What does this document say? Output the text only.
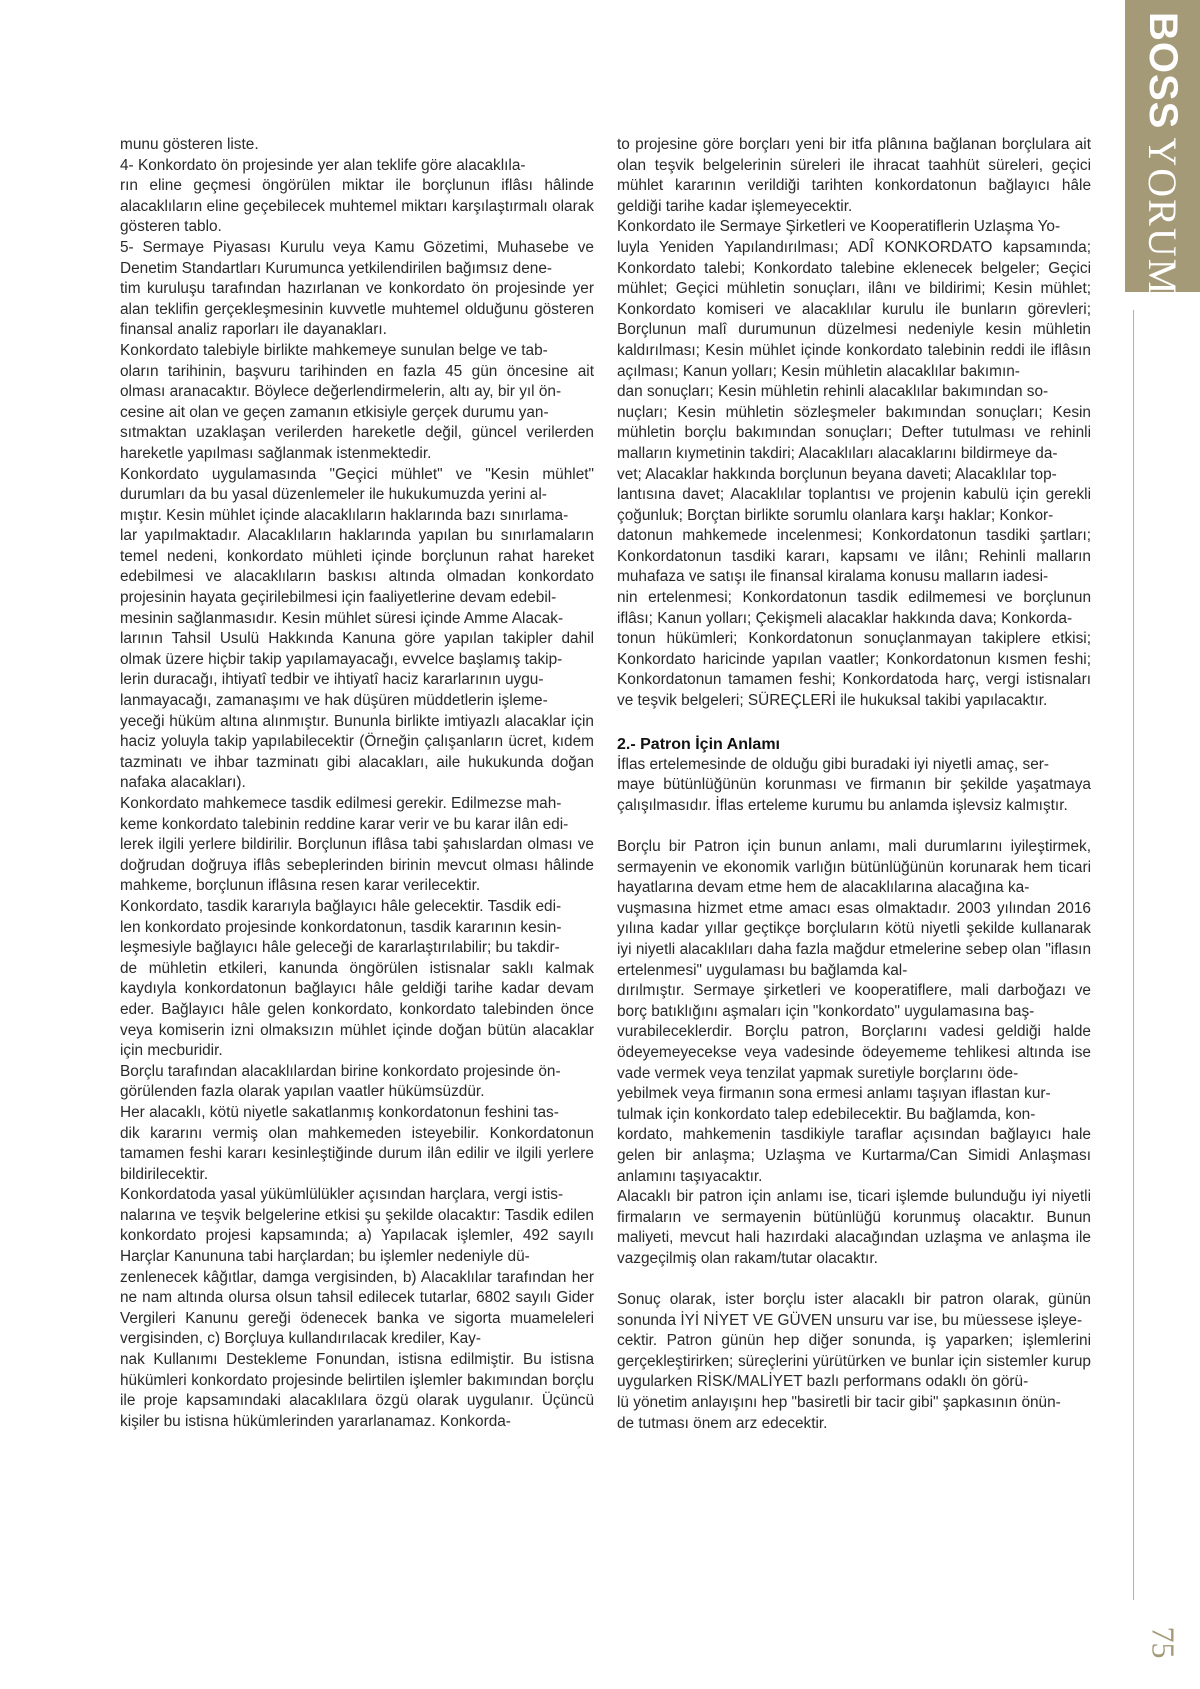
munu gösteren liste.

4- Konkordato ön projesinde yer alan teklife göre alacaklıla-
rın eline geçmesi öngörülen miktar ile borçlunun iflâsı hâlinde alacaklıların eline geçebilecek muhtemel miktarı karşılaştırmalı olarak gösteren tablo.

5- Sermaye Piyasası Kurulu veya Kamu Gözetimi, Muhasebe ve Denetim Standartları Kurumunca yetkilendirilen bağımsız dene-
tim kuruluşu tarafından hazırlanan ve konkordato ön projesinde yer alan teklifin gerçekleşmesinin kuvvetle muhtemel olduğunu gösteren finansal analiz raporları ile dayanakları.

Konkordato talebiyle birlikte mahkemeye sunulan belge ve tab-
oların tarihinin, başvuru tarihinden en fazla 45 gün öncesine ait olması aranacaktır. Böylece değerlendirmelerin, altı ay, bir yıl ön-
cesine ait olan ve geçen zamanın etkisiyle gerçek durumu yan-
sıtmaktan uzaklaşan verilerden hareketle değil, güncel verilerden hareketle yapılması sağlanmak istenmektedir.

Konkordato uygulamasında "Geçici mühlet" ve "Kesin mühlet" durumları da bu yasal düzenlemeler ile hukukumuzda yerini al-
mıştır. Kesin mühlet içinde alacaklıların haklarında bazı sınırlama-
lar yapılmaktadır. Alacaklıların haklarında yapılan bu sınırlamaların temel nedeni, konkordato mühleti içinde borçlunun rahat hareket edebilmesi ve alacaklıların baskısı altında olmadan konkordato projesinin hayata geçirilebilmesi için faaliyetlerine devam edebil-
mesinin sağlanmasıdır. Kesin mühlet süresi içinde Amme Alacak-
larının Tahsil Usulü Hakkında Kanuna göre yapılan takipler dahil olmak üzere hiçbir takip yapılamayacağı, evvelce başlamış takip-
lerin duracağı, ihtiyatî tedbir ve ihtiyatî haciz kararlarının uygu-
lanmayacağı, zamanaşımı ve hak düşüren müddetlerin işleme-
yeceği hüküm altına alınmıştır. Bununla birlikte imtiyazlı alacaklar için haciz yoluyla takip yapılabilecektir (Örneğin çalışanların ücret, kıdem tazminatı ve ihbar tazminatı gibi alacakları, aile hukukunda doğan nafaka alacakları).

Konkordato mahkemece tasdik edilmesi gerekir. Edilmezse mah-
keme konkordato talebinin reddine karar verir ve bu karar ilân edi-
lerek ilgili yerlere bildirilir. Borçlunun iflâsa tabi şahıslardan olması ve doğrudan doğruya iflâs sebeplerinden birinin mevcut olması hâlinde mahkeme, borçlunun iflâsına resen karar verilecektir.

Konkordato, tasdik kararıyla bağlayıcı hâle gelecektir. Tasdik edi-
len konkordato projesinde konkordatonun, tasdik kararının kesin-
leşmesiyle bağlayıcı hâle geleceği de kararlaştırılabilir; bu takdir-
de mühletin etkileri, kanunda öngörülen istisnalar saklı kalmak kaydıyla konkordatonun bağlayıcı hâle geldiği tarihe kadar devam eder. Bağlayıcı hâle gelen konkordato, konkordato talebinden önce veya komiserin izni olmaksızın mühlet içinde doğan bütün alacaklar için mecburidir.

Borçlu tarafından alacaklılardan birine konkordato projesinde ön-
görülenden fazla olarak yapılan vaatler hükümsüzdür.

Her alacaklı, kötü niyetle sakatlanmış konkordatonun feshini tas-
dik kararını vermiş olan mahkemeden isteyebilir. Konkordatonun tamamen feshi kararı kesinleştiğinde durum ilân edilir ve ilgili yerlere bildirilecektir.

Konkordatoda yasal yükümlülükler açısından harçlara, vergi istis-
nalarına ve teşvik belgelerine etkisi şu şekilde olacaktır: Tasdik edilen konkordato projesi kapsamında; a) Yapılacak işlemler, 492 sayılı Harçlar Kanununa tabi harçlardan; bu işlemler nedeniyle dü-
zenlenecek kâğıtlar, damga vergisinden, b) Alacaklılar tarafından her ne nam altında olursa olsun tahsil edilecek tutarlar, 6802 sayılı Gider Vergileri Kanunu gereği ödenecek banka ve sigorta muameleleri vergisinden, c) Borçluya kullandırılacak krediler, Kay-
nak Kullanımı Destekleme Fonundan, istisna edilmiştir. Bu istisna hükümleri konkordato projesinde belirtilen işlemler bakımından borçlu ile proje kapsamındaki alacaklılara özgü olarak uygulanır. Üçüncü kişiler bu istisna hükümlerinden yararlanamaz. Konkorda-

to projesine göre borçları yeni bir itfa plânına bağlanan borçlulara ait olan teşvik belgelerinin süreleri ile ihracat taahhüt süreleri, geçici mühlet kararının verildiği tarihten konkordatonun bağlayıcı hâle geldiği tarihe kadar işlemeyecektir.

Konkordato ile Sermaye Şirketleri ve Kooperatiflerin Uzlaşma Yo-
luyla Yeniden Yapılandırılması; ADÎ KONKORDATO kapsamında; Konkordato talebi; Konkordato talebine eklenecek belgeler; Geçici mühlet; Geçici mühletin sonuçları, ilânı ve bildirimi; Kesin mühlet; Konkordato komiseri ve alacaklılar kurulu ile bunların görevleri; Borçlunun malî durumunun düzelmesi nedeniyle kesin mühletin kaldırılması; Kesin mühlet içinde konkordato talebinin reddi ile iflâsın açılması; Kanun yolları; Kesin mühletin alacaklılar bakımın-
dan sonuçları; Kesin mühletin rehinli alacaklılar bakımından so-
nuçları; Kesin mühletin sözleşmeler bakımından sonuçları; Kesin mühletin borçlu bakımından sonuçları; Defter tutulması ve rehinli malların kıymetinin takdiri; Alacaklıları alacaklarını bildirmeye da-
vet; Alacaklar hakkında borçlunun beyana daveti; Alacaklılar top-
lantısına davet; Alacaklılar toplantısı ve projenin kabulü için gerekli çoğunluk; Borçtan birlikte sorumlu olanlara karşı haklar; Konkor-
datonun mahkemede incelenmesi; Konkordatonun tasdiki şartları; Konkordatonun tasdiki kararı, kapsamı ve ilânı; Rehinli malların muhafaza ve satışı ile finansal kiralama konusu malların iadesi-
nin ertelenmesi; Konkordatonun tasdik edilmemesi ve borçlunun iflâsı; Kanun yolları; Çekişmeli alacaklar hakkında dava; Konkorda-
tonun hükümleri; Konkordatonun sonuçlanmayan takiplere etkisi; Konkordato haricinde yapılan vaatler; Konkordatonun kısmen feshi; Konkordatonun tamamen feshi; Konkordatoda harç, vergi istisnaları ve teşvik belgeleri; SÜREÇLERİ ile hukuksal takibi yapılacaktır.

2.- Patron İçin Anlamı

İflas ertelemesinde de olduğu gibi buradaki iyi niyetli amaç, ser-
maye bütünlüğünün korunması ve firmanın bir şekilde yaşatmaya çalışılmasıdır. İflas erteleme kurumu bu anlamda işlevsiz kalmıştır.

Borçlu bir Patron için bunun anlamı, mali durumlarını iyileştirmek, sermayenin ve ekonomik varlığın bütünlüğünün korunarak hem ticari hayatlarına devam etme hem de alacaklılarına alacağına ka-
vuşmasına hizmet etme amacı esas olmaktadır. 2003 yılından 2016 yılına kadar yıllar geçtikçe borçluların kötü niyetli şekilde kullanarak iyi niyetli alacaklıları daha fazla mağdur etmelerine sebep olan "iflasın ertelenmesi" uygulaması bu bağlamda kal-
dırılmıştır. Sermaye şirketleri ve kooperatiflere, mali darboğazı ve borç batıklığını aşmaları için "konkordato" uygulamasına baş-
vurabileceklerdir. Borçlu patron, Borçlarını vadesi geldiği halde ödeyemeyecekse veya vadesinde ödeyememe tehlikesi altında ise vade vermek veya tenzilat yapmak suretiyle borçlarını öde-
yebilmek veya firmanın sona ermesi anlamı taşıyan iflastan kur-
tulmak için konkordato talep edebilecektir. Bu bağlamda, kon-
kordato, mahkemenin tasdikiyle taraflar açısından bağlayıcı hale gelen bir anlaşma; Uzlaşma ve Kurtarma/Can Simidi Anlaşması anlamını taşıyacaktır.

Alacaklı bir patron için anlamı ise, ticari işlemde bulunduğu iyi niyetli firmaların ve sermayenin bütünlüğü korunmuş olacaktır. Bunun maliyeti, mevcut hali hazırdaki alacağından uzlaşma ve anlaşma ile vazgeçilmiş olan rakam/tutar olacaktır.

Sonuç olarak, ister borçlu ister alacaklı bir patron olarak, günün sonunda İYİ NİYET VE GÜVEN unsuru var ise, bu müessese işleye-
cektir. Patron günün hep diğer sonunda, iş yaparken; işlemlerini gerçekleştirirken; süreçlerini yürütürken ve bunlar için sistemler kurup uygularken RİSK/MALİYET bazlı performans odaklı ön görü-
lü yönetim anlayışını hep "basiretli bir tacir gibi" şapkasının önün-
de tutması önem arz edecektir.

BOSS
YORUM
75
